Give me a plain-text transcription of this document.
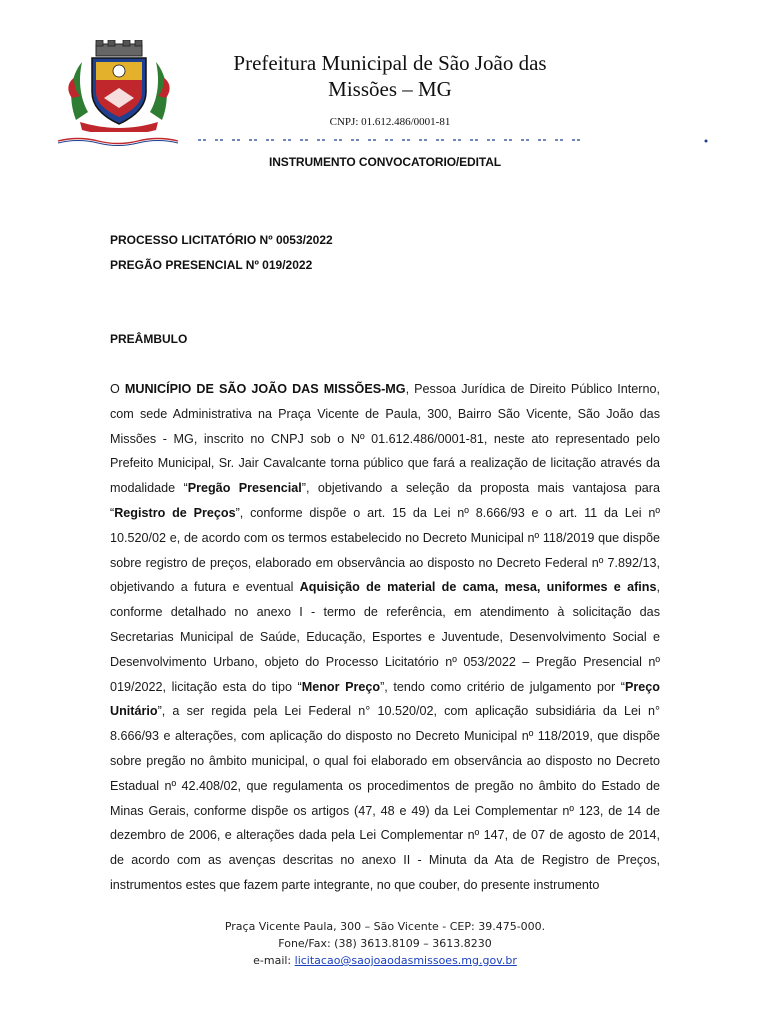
Prefeitura Municipal de São João das
Missões – MG
CNPJ: 01.612.486/0001-81
INSTRUMENTO CONVOCATORIO/EDITAL
PROCESSO LICITATÓRIO Nº 0053/2022
PREGÃO PRESENCIAL Nº 019/2022
PREÂMBULO
O MUNICÍPIO DE SÃO JOÃO DAS MISSÕES-MG, Pessoa Jurídica de Direito Público Interno, com sede Administrativa na Praça Vicente de Paula, 300, Bairro São Vicente, São João das Missões - MG, inscrito no CNPJ sob o Nº 01.612.486/0001-81, neste ato representado pelo Prefeito Municipal, Sr. Jair Cavalcante torna público que fará a realização de licitação através da modalidade “Pregão Presencial”, objetivando a seleção da proposta mais vantajosa para “Registro de Preços”, conforme dispõe o art. 15 da Lei nº 8.666/93 e o art. 11 da Lei nº 10.520/02 e, de acordo com os termos estabelecido no Decreto Municipal nº 118/2019 que dispõe sobre registro de preços, elaborado em observância ao disposto no Decreto Federal nº 7.892/13, objetivando a futura e eventual Aquisição de material de cama, mesa, uniformes e afins, conforme detalhado no anexo I - termo de referência, em atendimento à solicitação das Secretarias Municipal de Saúde, Educação, Esportes e Juventude, Desenvolvimento Social e Desenvolvimento Urbano, objeto do Processo Licitatório nº 053/2022 – Pregão Presencial nº 019/2022, licitação esta do tipo “Menor Preço”, tendo como critério de julgamento por “Preço Unitário”, a ser regida pela Lei Federal n° 10.520/02, com aplicação subsidiária da Lei n° 8.666/93 e alterações, com aplicação do disposto no Decreto Municipal nº 118/2019, que dispõe sobre pregão no âmbito municipal, o qual foi elaborado em observância ao disposto no Decreto Estadual nº 42.408/02, que regulamenta os procedimentos de pregão no âmbito do Estado de Minas Gerais, conforme dispõe os artigos (47, 48 e 49) da Lei Complementar nº 123, de 14 de dezembro de 2006, e alterações dada pela Lei Complementar nº 147, de 07 de agosto de 2014, de acordo com as avenças descritas no anexo II - Minuta da Ata de Registro de Preços, instrumentos estes que fazem parte integrante, no que couber, do presente instrumento
Praça Vicente Paula, 300 – São Vicente - CEP: 39.475-000.
Fone/Fax: (38) 3613.8109 – 3613.8230
e-mail: licitacao@saojoaodasmissoes.mg.gov.br
